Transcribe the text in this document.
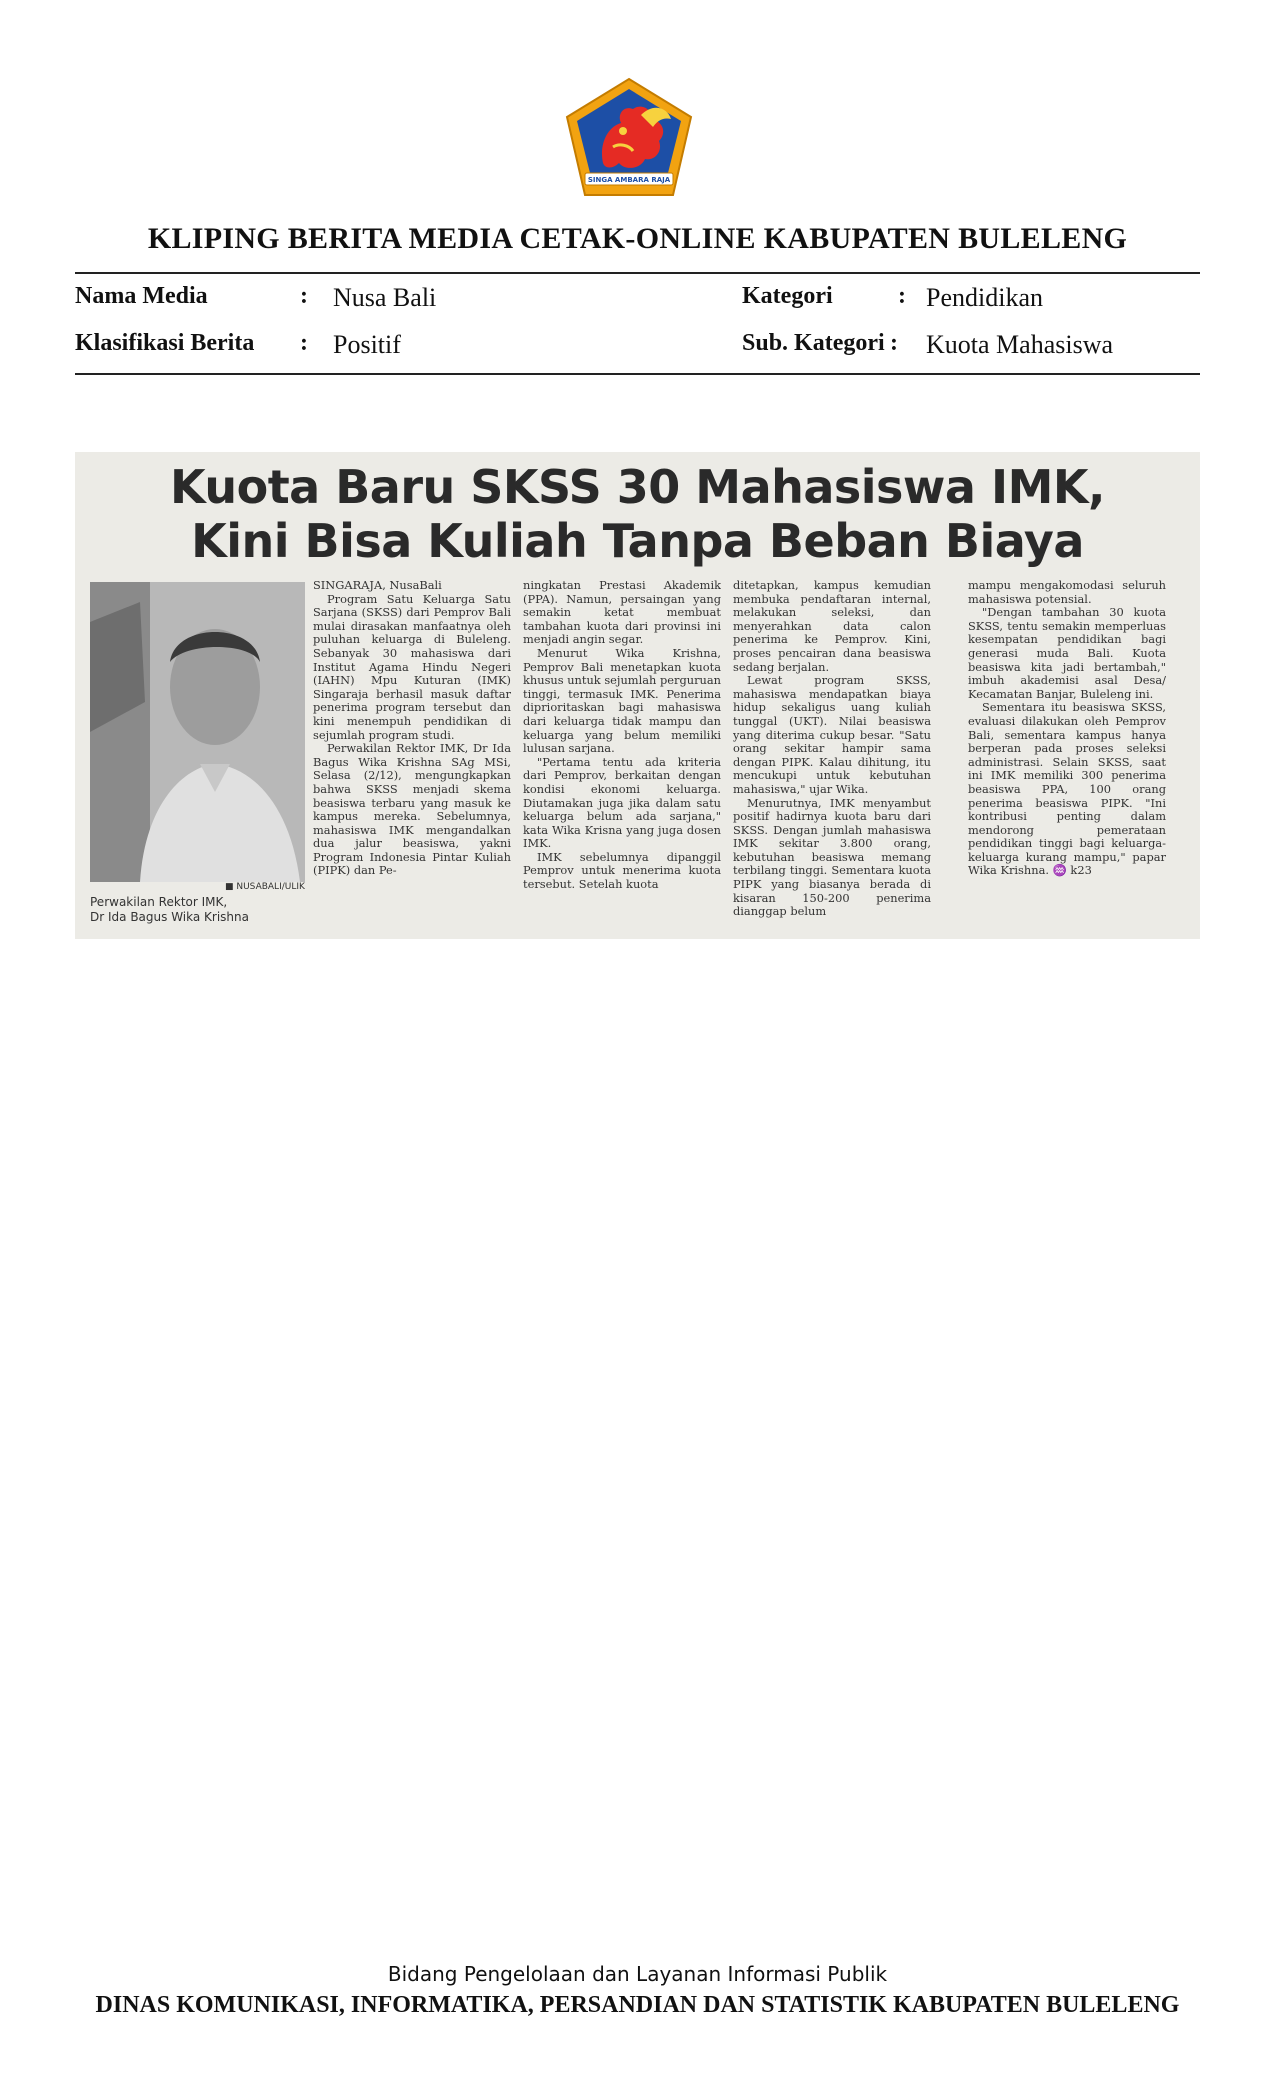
SINGA AMBARA RAJA
KLIPING BERITA MEDIA CETAK-ONLINE KABUPATEN BULELENG
Nama Media	: Nusa Bali
Klasifikasi Berita : Positif
Kategori	: Pendidikan
Sub. Kategori : Kuota Mahasiswa
Kuota Baru SKSS 30 Mahasiswa IMK,
Kini Bisa Kuliah Tanpa Beban Biaya
■ NUSABALI/ULIK
Perwakilan Rektor IMK,
Dr Ida Bagus Wika Krishna

SINGARAJA, NusaBali

Program Satu Keluarga Satu Sarjana (SKSS) dari Pemprov Bali mulai dirasakan manfaatnya oleh puluhan keluarga di Buleleng. Sebanyak 30 mahasiswa dari Institut Agama Hindu Negeri (IAHN) Mpu Kuturan (IMK) Singaraja berhasil masuk daftar penerima program tersebut dan kini menempuh pendidikan di sejumlah program studi.

Perwakilan Rektor IMK, Dr Ida Bagus Wika Krishna SAg MSi, Selasa (2/12), mengungkapkan bahwa SKSS menjadi skema beasiswa terbaru yang masuk ke kampus mereka. Sebelumnya, mahasiswa IMK mengandalkan dua jalur beasiswa, yakni Program Indonesia Pintar Kuliah (PIPK) dan Pe-

ningkatan Prestasi Akademik (PPA). Namun, persaingan yang semakin ketat membuat tambahan kuota dari provinsi ini menjadi angin segar.

Menurut Wika Krishna, Pemprov Bali menetapkan kuota khusus untuk sejumlah perguruan tinggi, termasuk IMK. Penerima diprioritaskan bagi mahasiswa dari keluarga tidak mampu dan keluarga yang belum memiliki lulusan sarjana.

"Pertama tentu ada kriteria dari Pemprov, berkaitan dengan kondisi ekonomi keluarga. Diutamakan juga jika dalam satu keluarga belum ada sarjana," kata Wika Krisna yang juga dosen IMK.

IMK sebelumnya dipanggil Pemprov untuk menerima kuota tersebut. Setelah kuota

ditetapkan, kampus kemudian membuka pendaftaran internal, melakukan seleksi, dan menyerahkan data calon penerima ke Pemprov. Kini, proses pencairan dana beasiswa sedang berjalan.

Lewat program SKSS, mahasiswa mendapatkan biaya hidup sekaligus uang kuliah tunggal (UKT). Nilai beasiswa yang diterima cukup besar. "Satu orang sekitar hampir sama dengan PIPK. Kalau dihitung, itu mencukupi untuk kebutuhan mahasiswa," ujar Wika.

Menurutnya, IMK menyambut positif hadirnya kuota baru dari SKSS. Dengan jumlah mahasiswa IMK sekitar 3.800 orang, kebutuhan beasiswa memang terbilang tinggi. Sementara kuota PIPK yang biasanya berada di kisaran 150-200 penerima dianggap belum

mampu mengakomodasi seluruh mahasiswa potensial.

"Dengan tambahan 30 kuota SKSS, tentu semakin memperluas kesempatan pendidikan bagi generasi muda Bali. Kuota beasiswa kita jadi bertambah," imbuh akademisi asal Desa/ Kecamatan Banjar, Buleleng ini.

Sementara itu beasiswa SKSS, evaluasi dilakukan oleh Pemprov Bali, sementara kampus hanya berperan pada proses seleksi administrasi. Selain SKSS, saat ini IMK memiliki 300 penerima beasiswa PPA, 100 orang penerima beasiswa PIPK. "Ini kontribusi penting dalam mendorong pemerataan pendidikan tinggi bagi keluarga-keluarga kurang mampu," papar Wika Krishna. ♒ k23

Bidang Pengelolaan dan Layanan Informasi Publik
DINAS KOMUNIKASI, INFORMATIKA, PERSANDIAN DAN STATISTIK KABUPATEN BULELENG
